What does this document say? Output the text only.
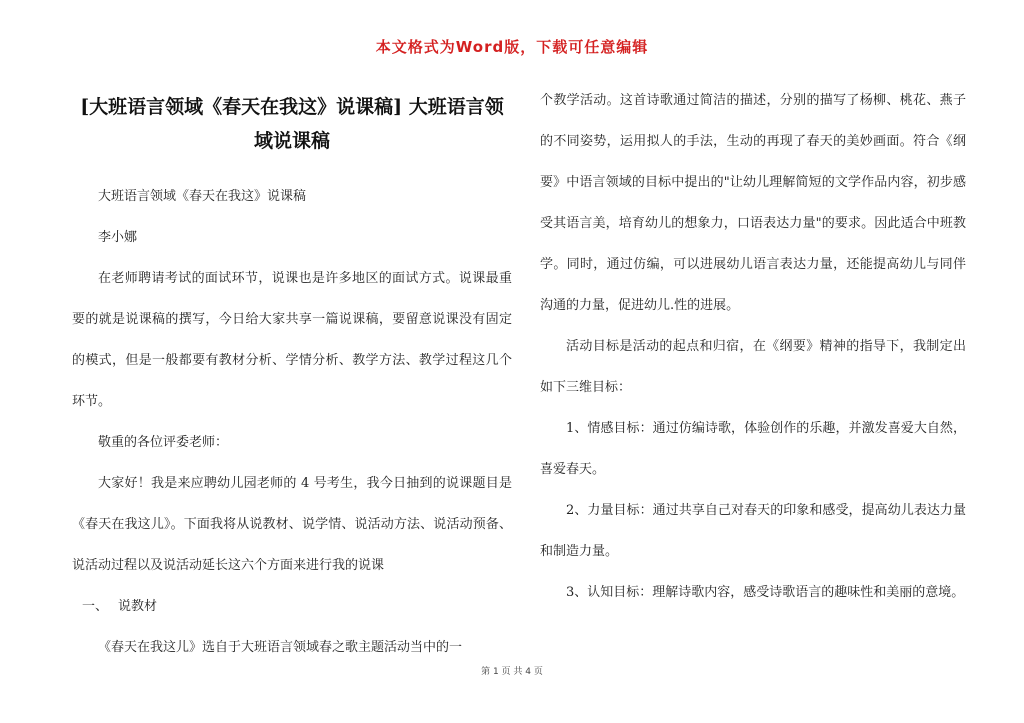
本文格式为Word版，下载可任意编辑
[大班语言领域《春天在我这》说课稿] 大班语言领域说课稿

大班语言领域《春天在我这》说课稿

李小娜

在老师聘请考试的面试环节，说课也是许多地区的面试方式。说课最重要的就是说课稿的撰写，今日给大家共享一篇说课稿，要留意说课没有固定的模式，但是一般都要有教材分析、学情分析、教学方法、教学过程这几个环节。

敬重的各位评委老师：

大家好！我是来应聘幼儿园老师的 4 号考生，我今日抽到的说课题目是《春天在我这儿》。下面我将从说教材、说学情、说活动方法、说活动预备、说活动过程以及说活动延长这六个方面来进行我的说课

一、 说教材

《春天在我这儿》选自于大班语言领域春之歌主题活动当中的一

个教学活动。这首诗歌通过简洁的描述，分别的描写了杨柳、桃花、燕子的不同姿势，运用拟人的手法，生动的再现了春天的美妙画面。符合《纲要》中语言领域的目标中提出的"让幼儿理解简短的文学作品内容，初步感受其语言美，培育幼儿的想象力，口语表达力量"的要求。因此适合中班教学。同时，通过仿编，可以进展幼儿语言表达力量，还能提高幼儿与同伴沟通的力量，促进幼儿.性的进展。

活动目标是活动的起点和归宿，在《纲要》精神的指导下，我制定出如下三维目标：

1、情感目标：通过仿编诗歌，体验创作的乐趣，并激发喜爱大自然，喜爱春天。

2、力量目标：通过共享自己对春天的印象和感受，提高幼儿表达力量和制造力量。

3、认知目标：理解诗歌内容，感受诗歌语言的趣味性和美丽的意境。

第 1 页 共 4 页
